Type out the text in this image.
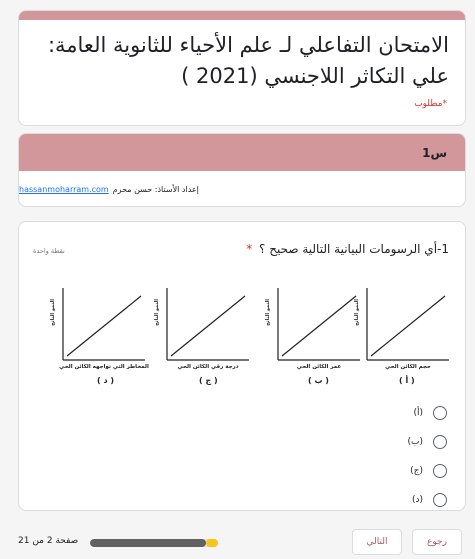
الامتحان التفاعلي لـ علم الأحياء للثانوية العامة: علي التكاثر اللاجنسي (2021 )
*مطلوب
س1
إعداد الأستاذ: حسن محرم
hassanmoharram.com
نقطة واحدة	1-أي الرسومات البيانية التالية صحيح ؟ *
النمو الناتج
حجم الكائن الحي
( أ )
النمو الناتج
عمر الكائن الحي
( ب )
النمو الناتج
درجة رقي الكائن الحي
( ج )
النمو الناتج
المخاطر التي تواجهه الكائن الحي
( د )
(أ)
(ب)
(ج)
(د)
رجوع
التالي
صفحة 2 من 21
